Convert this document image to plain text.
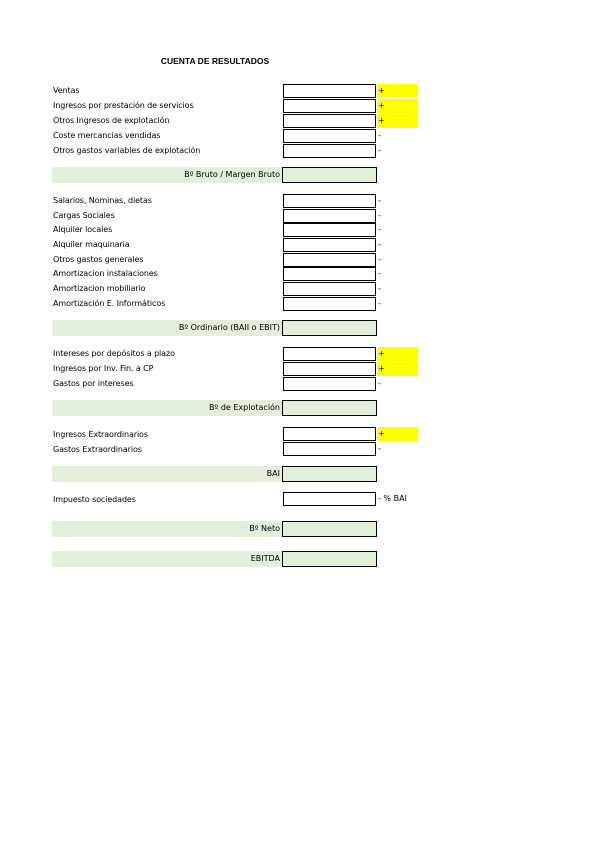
CUENTA DE RESULTADOS
Ventas	+
Ingresos por prestación de servicios	+
Otros Ingresos de explotación	+
Coste mercancias vendidas	-
Otros gastos variables de explotación	-
Bº Bruto / Margen Bruto
Salarios, Nominas, dietas	-
Cargas Sociales	-
Alquiler locales	-
Alquiler maquinaria	-
Otros gastos generales	-
Amortizacion instalaciones	-
Amortizacion mobiliario	-
Amortización E. Informáticos	-
Bº Ordinario (BAII o EBIT)
Intereses por depósitos a plazo	+
Ingresos por Inv. Fin. a CP	+
Gastos por intereses	-
Bº de Explotación
Ingresos Extraordinarios	+
Gastos Extraordinarios	-
BAI
Impuesto sociedades	- % BAI
Bº Neto
EBITDA
